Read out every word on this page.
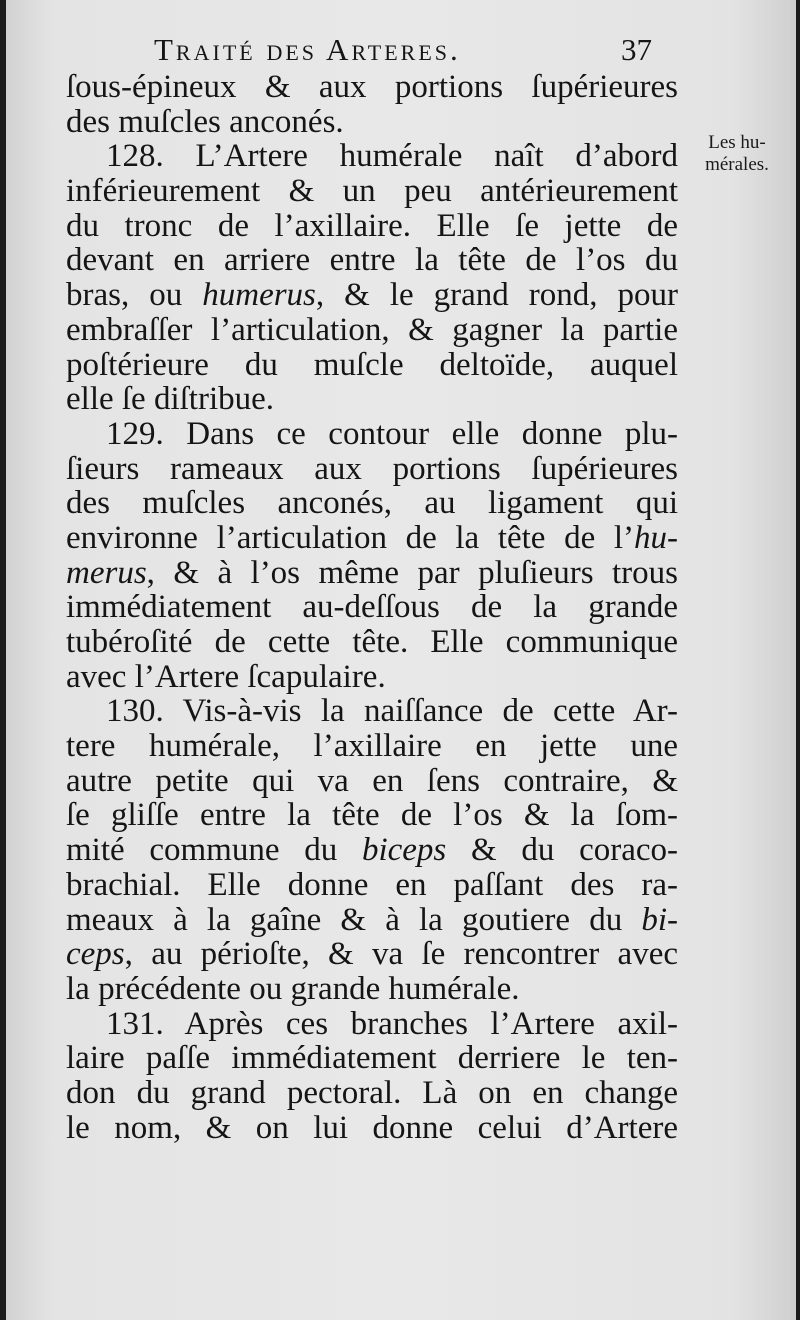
Traité des Arteres.	37
Les hu-
mérales.
ſous-épineux & aux portions ſupérieures
des muſcles anconés.
128. L’Artere humérale naît d’abord
inférieurement & un peu antérieurement
du tronc de l’axillaire. Elle ſe jette de
devant en arriere entre la tête de l’os du
bras, ou humerus, & le grand rond, pour
embraſſer l’articulation, & gagner la partie
poſtérieure du muſcle deltoïde, auquel
elle ſe diſtribue.
129. Dans ce contour elle donne plu-
ſieurs rameaux aux portions ſupérieures
des muſcles anconés, au ligament qui
environne l’articulation de la tête de l’hu-
merus, & à l’os même par pluſieurs trous
immédiatement au-deſſous de la grande
tubéroſité de cette tête. Elle communique
avec l’Artere ſcapulaire.
130. Vis-à-vis la naiſſance de cette Ar-
tere humérale, l’axillaire en jette une
autre petite qui va en ſens contraire, &
ſe gliſſe entre la tête de l’os & la ſom-
mité commune du biceps & du coraco-
brachial. Elle donne en paſſant des ra-
meaux à la gaîne & à la goutiere du bi-
ceps, au périoſte, & va ſe rencontrer avec
la précédente ou grande humérale.
131. Après ces branches l’Artere axil-
laire paſſe immédiatement derriere le ten-
don du grand pectoral. Là on en change
le nom, & on lui donne celui d’Artere
